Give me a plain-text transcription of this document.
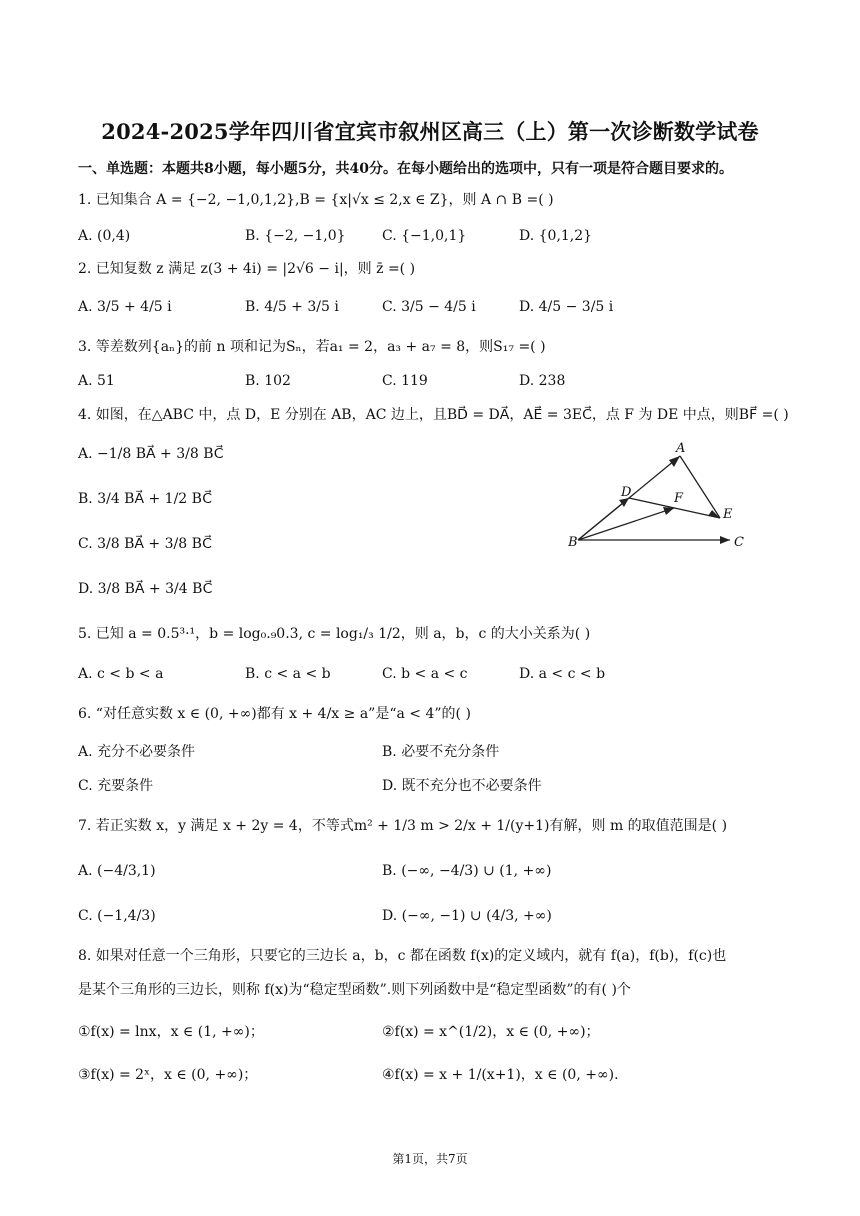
2024-2025学年四川省宜宾市叙州区高三（上）第一次诊断数学试卷
一、单选题：本题共8小题，每小题5分，共40分。在每小题给出的选项中，只有一项是符合题目要求的。
1. 已知集合 A = {−2, −1,0,1,2},B = {x|√x ≤ 2,x ∈ Z}，则 A ∩ B =( )
A. (0,4)	B. {−2, −1,0}	C. {−1,0,1}	D. {0,1,2}
2. 已知复数 z 满足 z(3 + 4i) = |2√6 − i|，则 z̄ =( )
A. 3/5 + 4/5 i	B. 4/5 + 3/5 i	C. 3/5 − 4/5 i	D. 4/5 − 3/5 i
3. 等差数列{aₙ}的前 n 项和记为Sₙ，若a₁ = 2，a₃ + a₇ = 8，则S₁₇ =( )
A. 51	B. 102	C. 119	D. 238
4. 如图，在△ABC 中，点 D，E 分别在 AB，AC 边上，且BD⃗ = DA⃗，AE⃗ = 3EC⃗，点 F 为 DE 中点，则BF⃗ =( )
A. −1/8 BA⃗ + 3/8 BC⃗
B. 3/4 BA⃗ + 1/2 BC⃗
C. 3/8 BA⃗ + 3/8 BC⃗
D. 3/8 BA⃗ + 3/4 BC⃗
A
D	F
E
B	C
5. 已知 a = 0.5³·¹，b = log₀.₉0.3, c = log₁/₃ 1/2，则 a，b，c 的大小关系为( )
A. c < b < a	B. c < a < b	C. b < a < c	D. a < c < b
6. “对任意实数 x ∈ (0, +∞)都有 x + 4/x ≥ a”是“a < 4”的( )
A. 充分不必要条件	B. 必要不充分条件
C. 充要条件	D. 既不充分也不必要条件
7. 若正实数 x，y 满足 x + 2y = 4，不等式m² + 1/3 m > 2/x + 1/(y+1)有解，则 m 的取值范围是( )
A. (−4/3,1)	B. (−∞, −4/3) ∪ (1, +∞)
C. (−1,4/3)	D. (−∞, −1) ∪ (4/3, +∞)
8. 如果对任意一个三角形，只要它的三边长 a，b，c 都在函数 f(x)的定义域内，就有 f(a)，f(b)，f(c)也
是某个三角形的三边长，则称 f(x)为“稳定型函数”.则下列函数中是“稳定型函数”的有( )个
①f(x) = lnx，x ∈ (1, +∞)；	②f(x) = x^(1/2)，x ∈ (0, +∞)；
③f(x) = 2ˣ，x ∈ (0, +∞)；	④f(x) = x + 1/(x+1)，x ∈ (0, +∞).
第1页，共7页
